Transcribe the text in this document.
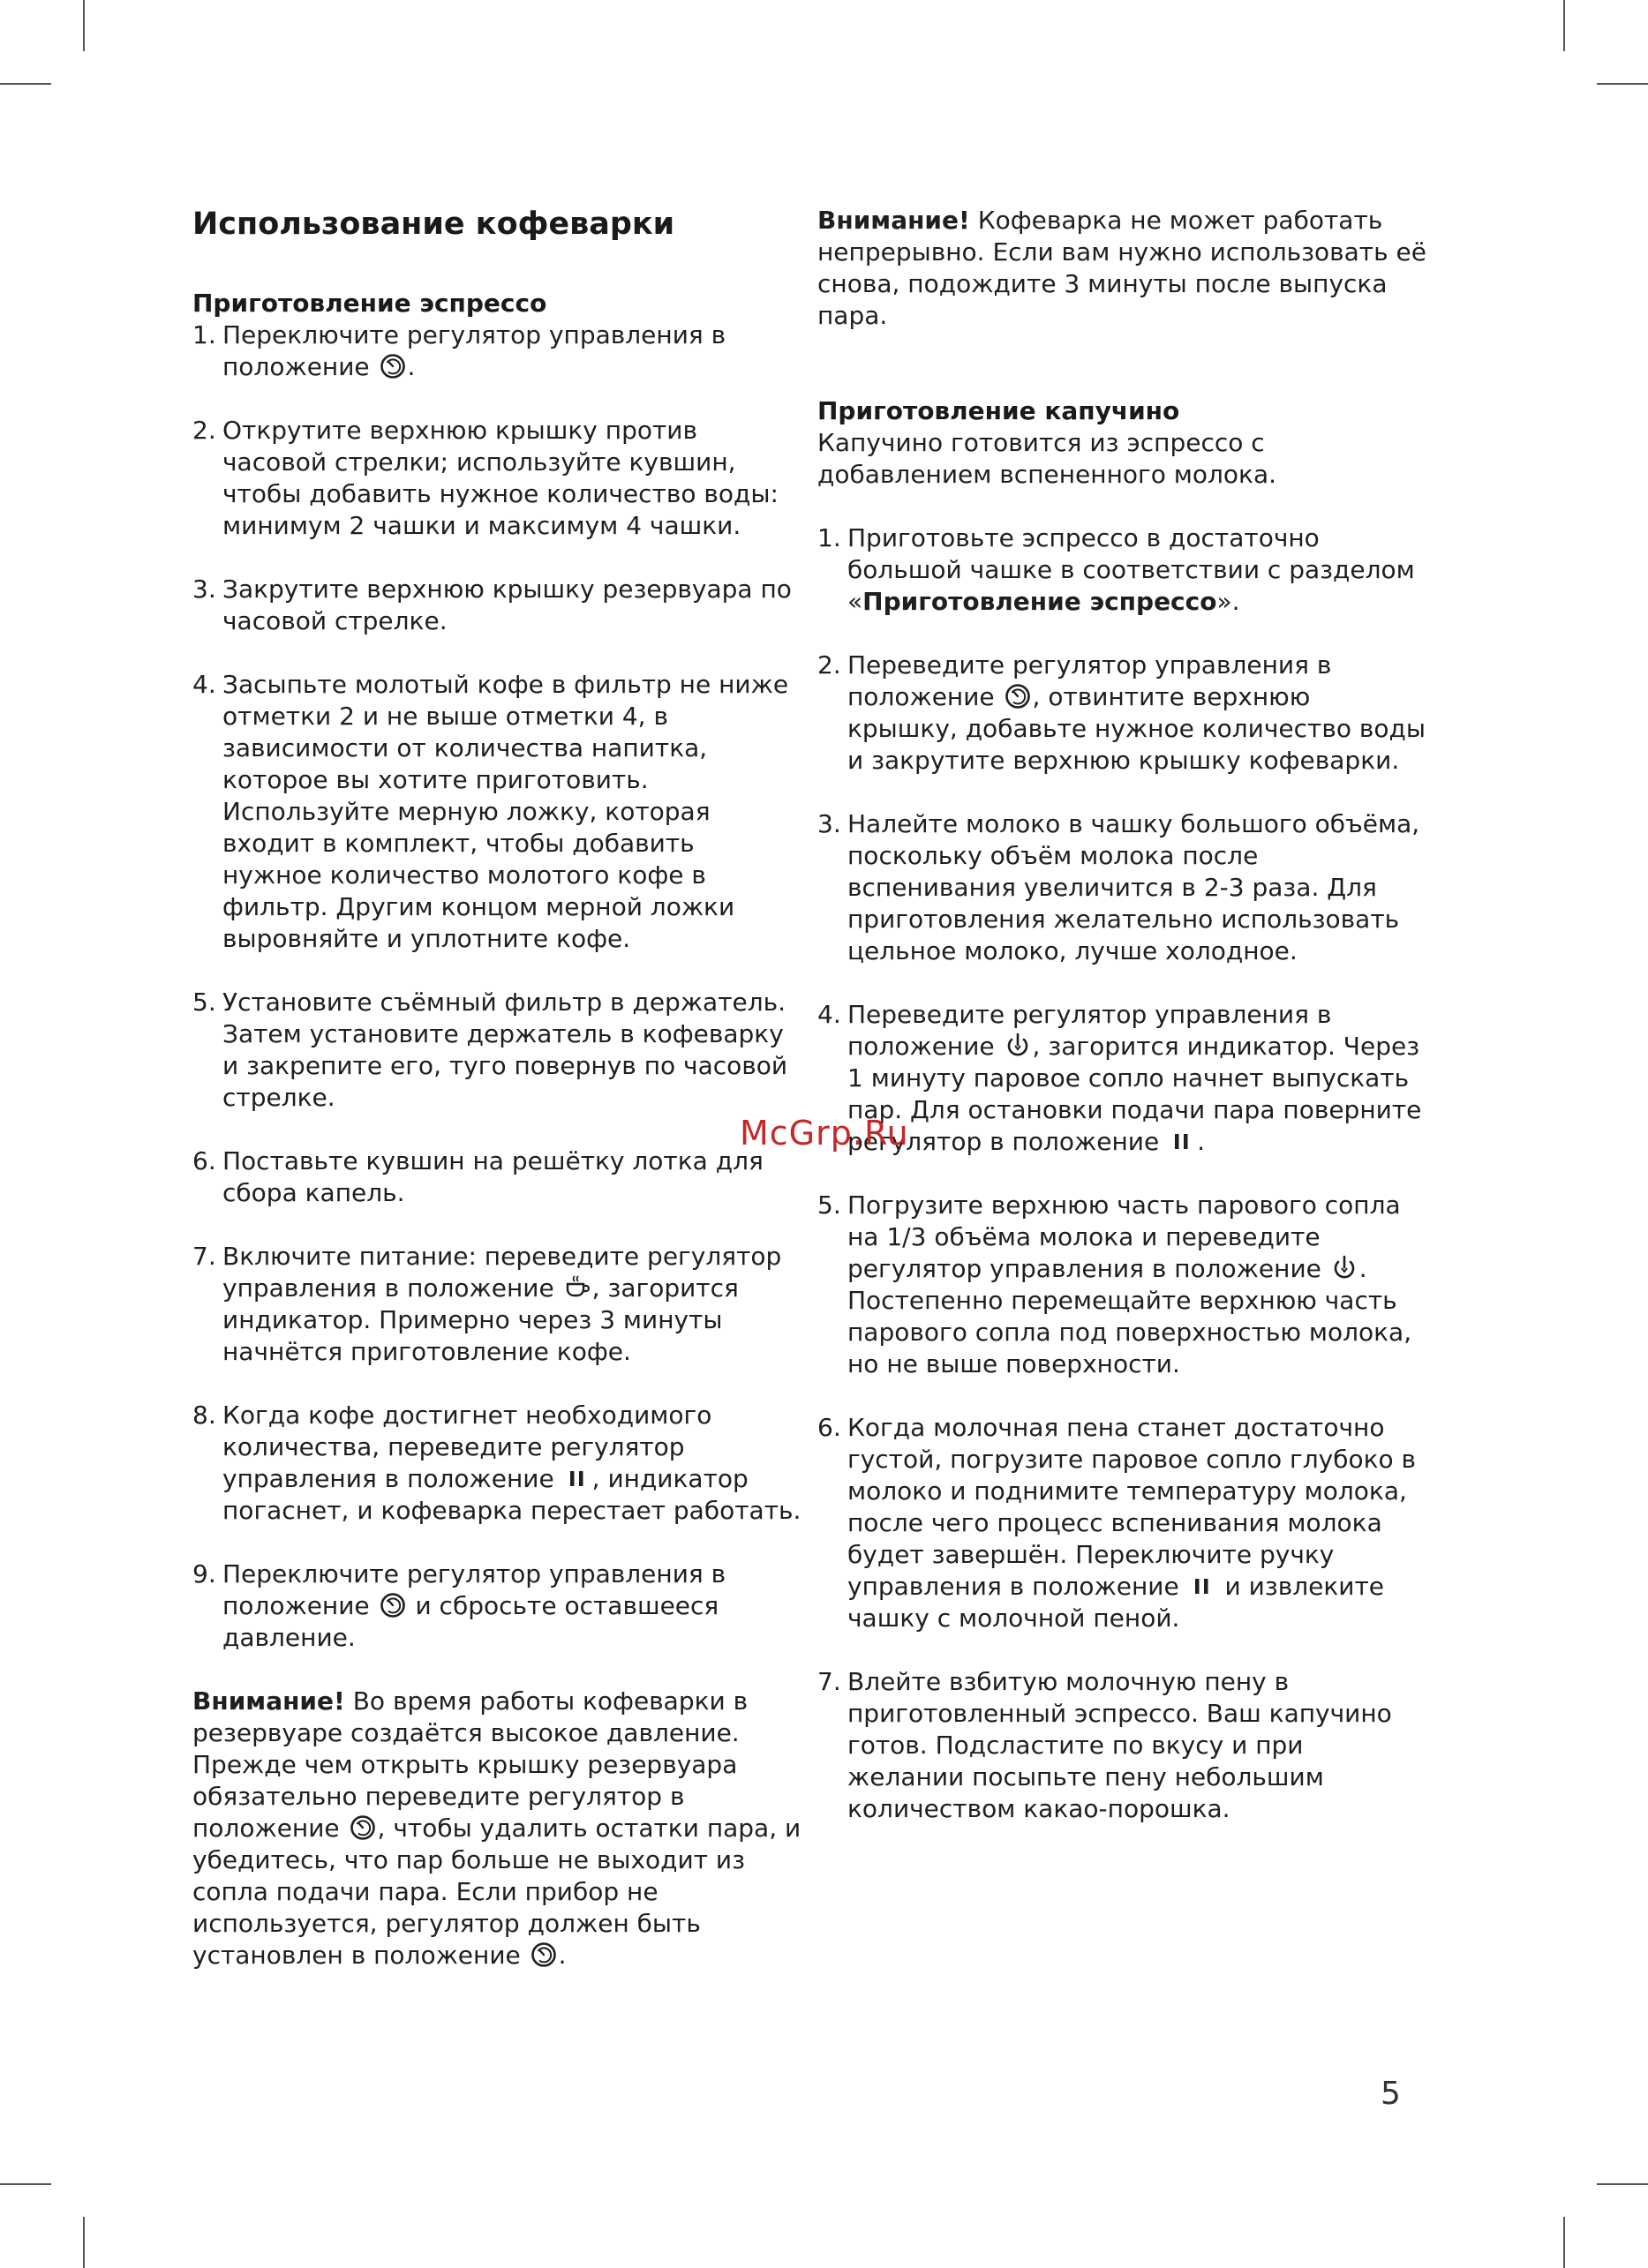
Использование кофеварки
Приготовление эспрессо
1. Переключите регулятор управления в положение
.
2. Открутите верхнюю крышку против часовой стрелки; используйте кувшин, чтобы добавить нужное количество воды: минимум 2 чашки и максимум 4 чашки.
3. Закрутите верхнюю крышку резервуара по часовой стрелке.
4. Засыпьте молотый кофе в фильтр не ниже отметки 2 и не выше отметки 4, в зависимости от количества напитка, которое вы хотите приготовить. Используйте мерную ложку, которая входит в комплект, чтобы добавить нужное количество молотого кофе в фильтр. Другим концом мерной ложки выровняйте и уплотните кофе.
5. Установите съёмный фильтр в держатель. Затем установите держатель в кофеварку и закрепите его, туго повернув по часовой стрелке.
6. Поставьте кувшин на решётку лотка для сбора капель.
7. Включите питание: переведите регулятор управления в положение
, загорится индикатор. Примерно через 3 минуты начнётся приготовление кофе.
8. Когда кофе достигнет необходимого количества, переведите регулятор управления в положение
, индикатор погаснет, и кофеварка перестает работать.
9. Переключите регулятор управления в положение
и сбросьте оставшееся давление.

Внимание! Во время работы кофеварки в резервуаре создаётся высокое давление. Прежде чем открыть крышку резервуара обязательно переведите регулятор в положение
, чтобы удалить остатки пара, и убедитесь, что пар больше не выходит из сопла подачи пара. Если прибор не используется, регулятор должен быть установлен в положение
.

Внимание! Кофеварка не может работать непрерывно. Если вам нужно использовать её снова, подождите 3 минуты после выпуска пара.

Приготовление капучино

Капучино готовится из эспрессо с добавлением вспененного молока.

1. Приготовьте эспрессо в достаточно большой чашке в соответствии с разделом «Приготовление эспрессо».
2. Переведите регулятор управления в положение
, отвинтите верхнюю крышку, добавьте нужное количество воды и закрутите верхнюю крышку кофеварки.
3. Налейте молоко в чашку большого объёма, поскольку объём молока после вспенивания увеличится в 2-3 раза. Для приготовления желательно использовать цельное молоко, лучше холодное.
4. Переведите регулятор управления в положение
, загорится индикатор. Через 1 минуту паровое сопло начнет выпускать пар. Для остановки подачи пара поверните регулятор в положение
.
5. Погрузите верхнюю часть парового сопла на 1/3 объёма молока и переведите регулятор управления в положение
.
Постепенно перемещайте верхнюю часть парового сопла под поверхностью молока, но не выше поверхности.
6. Когда молочная пена станет достаточно густой, погрузите паровое сопло глубоко в молоко и поднимите температуру молока, после чего процесс вспенивания молока будет завершён. Переключите ручку управления в положение
и извлеките чашку с молочной пеной.
7. Влейте взбитую молочную пену в приготовленный эспрессо. Ваш капучино готов. Подсластите по вкусу и при желании посыпьте пену небольшим количеством какао-порошка.
McGrp.Ru
5
